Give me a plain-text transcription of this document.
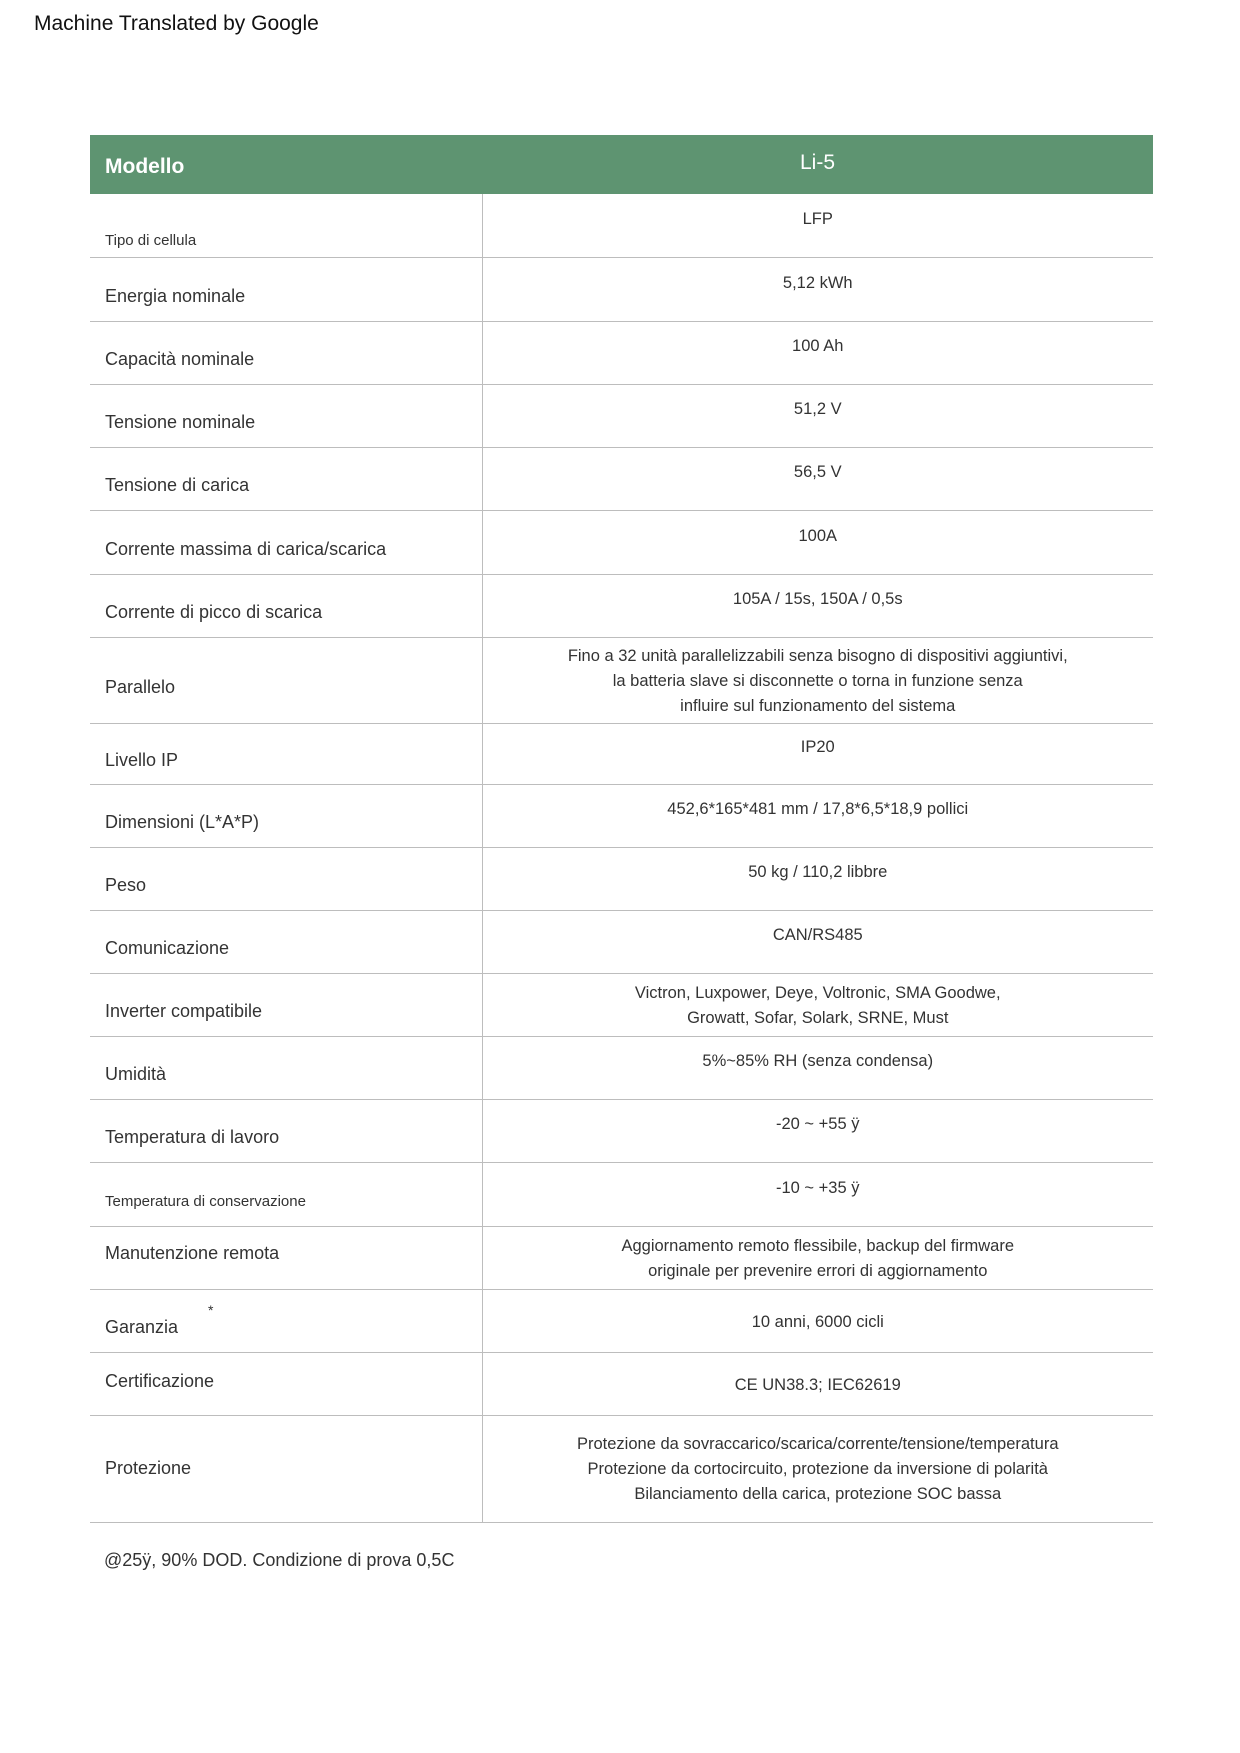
Machine Translated by Google
Modello	Li-5
Tipo di cellula	LFP

Energia nominale	5,12 kWh

Capacità nominale	100 Ah

Tensione nominale	51,2 V

Tensione di carica	56,5 V

Corrente massima di carica/scarica	100A

Corrente di picco di scarica	105A / 15s, 150A / 0,5s

Parallelo	Fino a 32 unità parallelizzabili senza bisogno di dispositivi aggiuntivi,
la batteria slave si disconnette o torna in funzione senza
influire sul funzionamento del sistema

Livello IP	IP20

Dimensioni (L*A*P)	452,6*165*481 mm / 17,8*6,5*18,9 pollici

Peso	50 kg / 110,2 libbre

Comunicazione	CAN/RS485

Inverter compatibile	Victron, Luxpower, Deye, Voltronic, SMA Goodwe,
Growatt, Sofar, Solark, SRNE, Must

Umidità	5%~85% RH (senza condensa)

Temperatura di lavoro	-20 ~ +55 ÿ

Temperatura di conservazione	-10 ~ +35 ÿ

Manutenzione remota	Aggiornamento remoto flessibile, backup del firmware
originale per prevenire errori di aggiornamento

Garanzia*	10 anni, 6000 cicli

Certificazione	CE UN38.3; IEC62619

Protezione	Protezione da sovraccarico/scarica/corrente/tensione/temperatura
Protezione da cortocircuito, protezione da inversione di polarità
Bilanciamento della carica, protezione SOC bassa
@25ÿ, 90% DOD. Condizione di prova 0,5C
